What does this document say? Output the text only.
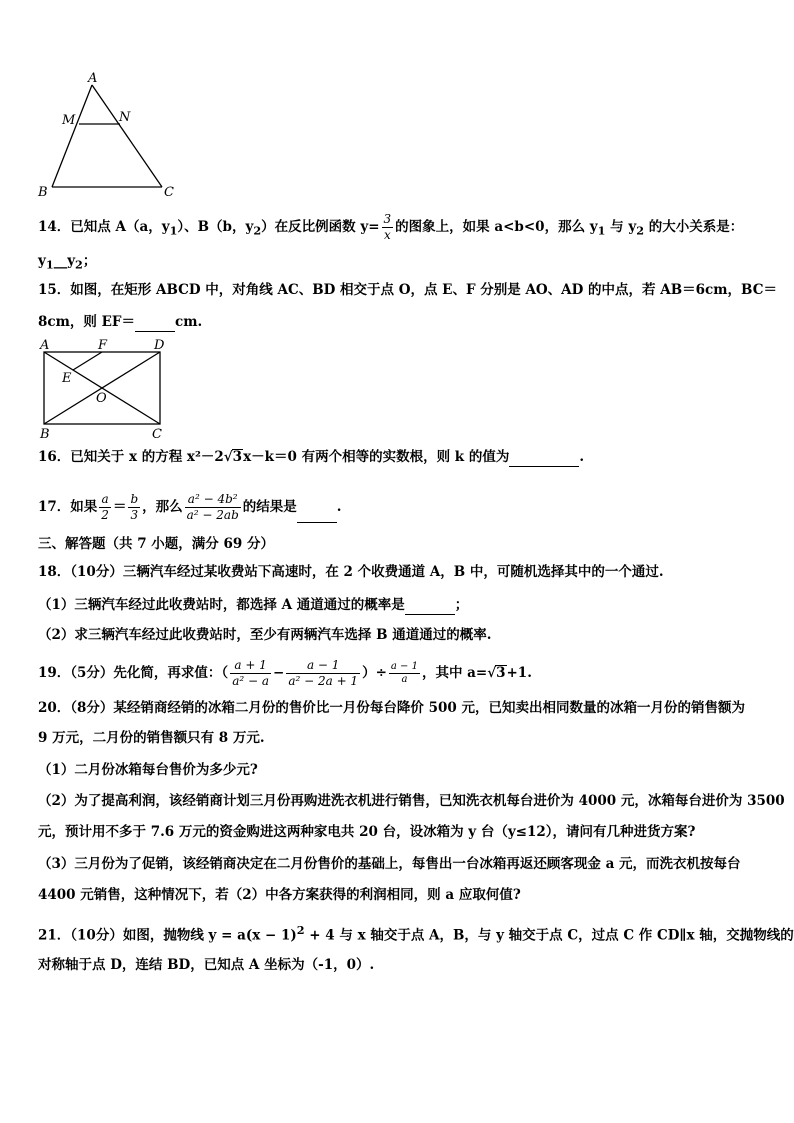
A
M	N
B	C
14．已知点 A（a，$y_1$）、B（b，$y_2$）在反比例函数 $y= \frac{3}{x}$ 的图象上，如果 a<b<0，那么 $y_1$ 与 $y_2$ 的大小关系是：
$y_1\_\_y_2$；
15．如图，在矩形 ABCD 中，对角线 AC、BD 相交于点 O，点 E、F 分别是 AO、AD 的中点，若 AB＝6cm，BC＝
8cm，则 EF＝	cm.
A	F	D
E
O
B	C
16．已知关于 x 的方程 x²－2√3x－k＝0 有两个相等的实数根，则 k 的值为	.
17．如果 $\frac{a}{2} = \frac{b}{3}$ ，那么 $\frac{\text{a² − 4b²}}{\text{a² − 2ab}}$ 的结果是	.
三、解答题（共 7 小题，满分 69 分）
18．（10分）三辆汽车经过某收费站下高速时，在 2 个收费通道 A，B 中，可随机选择其中的一个通过.
（1）三辆汽车经过此收费站时，都选择 A 通道通过的概率是	；
（2）求三辆汽车经过此收费站时，至少有两辆汽车选择 B 通道通过的概率.
19．（5分）先化简，再求值：（ $\frac{a + 1}{\text{a² − a}} - \frac{a - 1}{\text{a² − 2a + 1}}$ ）÷ $\frac{a - 1}{a}$ ，其中 a=√3+1.
20．（8分）某经销商经销的冰箱二月份的售价比一月份每台降价 500 元，已知卖出相同数量的冰箱一月份的销售额为
9 万元，二月份的销售额只有 8 万元.
（1）二月份冰箱每台售价为多少元?
（2）为了提高利润，该经销商计划三月份再购进洗衣机进行销售，已知洗衣机每台进价为 4000 元，冰箱每台进价为 3500
元，预计用不多于 7.6 万元的资金购进这两种家电共 20 台，设冰箱为 y 台（y≤12），请问有几种进货方案?
（3）三月份为了促销，该经销商决定在二月份售价的基础上，每售出一台冰箱再返还顾客现金 a 元，而洗衣机按每台
4400 元销售，这种情况下，若（2）中各方案获得的利润相同，则 a 应取何值?
21．（10分）如图，抛物线 $y = a(x - 1)^2 + 4$ 与 x 轴交于点 A，B，与 y 轴交于点 C，过点 C 作 CD∥x 轴，交抛物线的
对称轴于点 D，连结 BD，已知点 A 坐标为（-1，0）.
